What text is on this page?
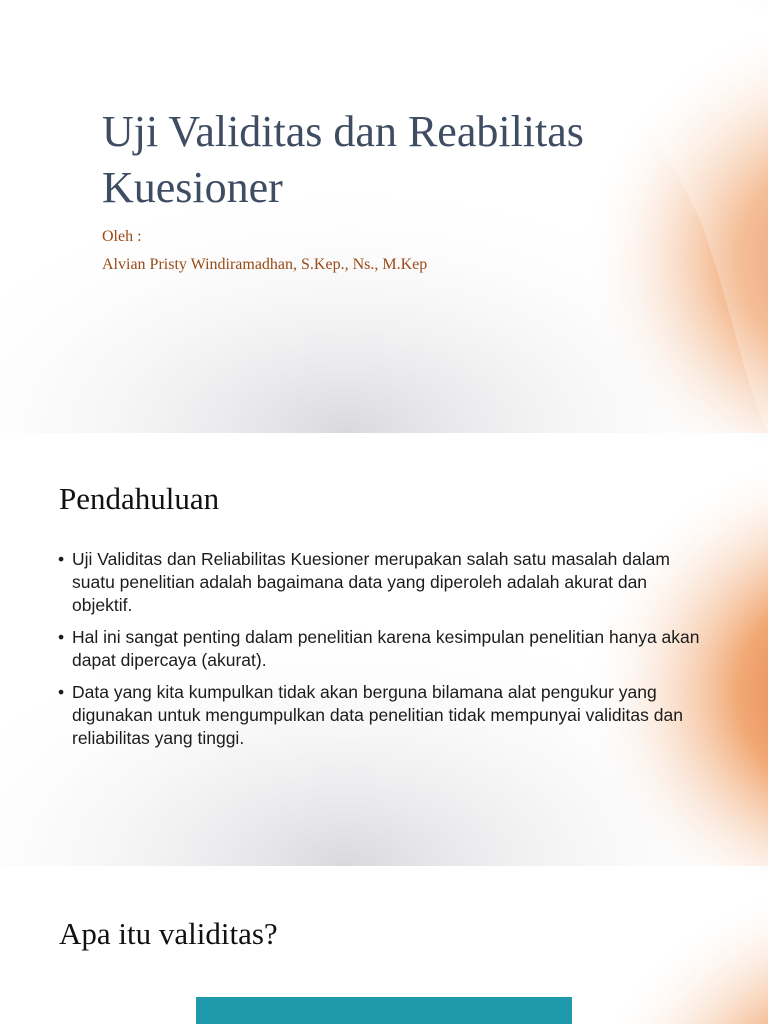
Uji Validitas dan Reabilitas Kuesioner

Oleh :

Alvian Pristy Windiramadhan, S.Kep., Ns., M.Kep

Pendahuluan
• Uji Validitas dan Reliabilitas Kuesioner merupakan salah satu masalah dalam suatu penelitian adalah bagaimana data yang diperoleh adalah akurat dan objektif.
• Hal ini sangat penting dalam penelitian karena kesimpulan penelitian hanya akan dapat dipercaya (akurat).
• Data yang kita kumpulkan tidak akan berguna bilamana alat pengukur yang digunakan untuk mengumpulkan data penelitian tidak mempunyai validitas dan reliabilitas yang tinggi.
Apa itu validitas?
